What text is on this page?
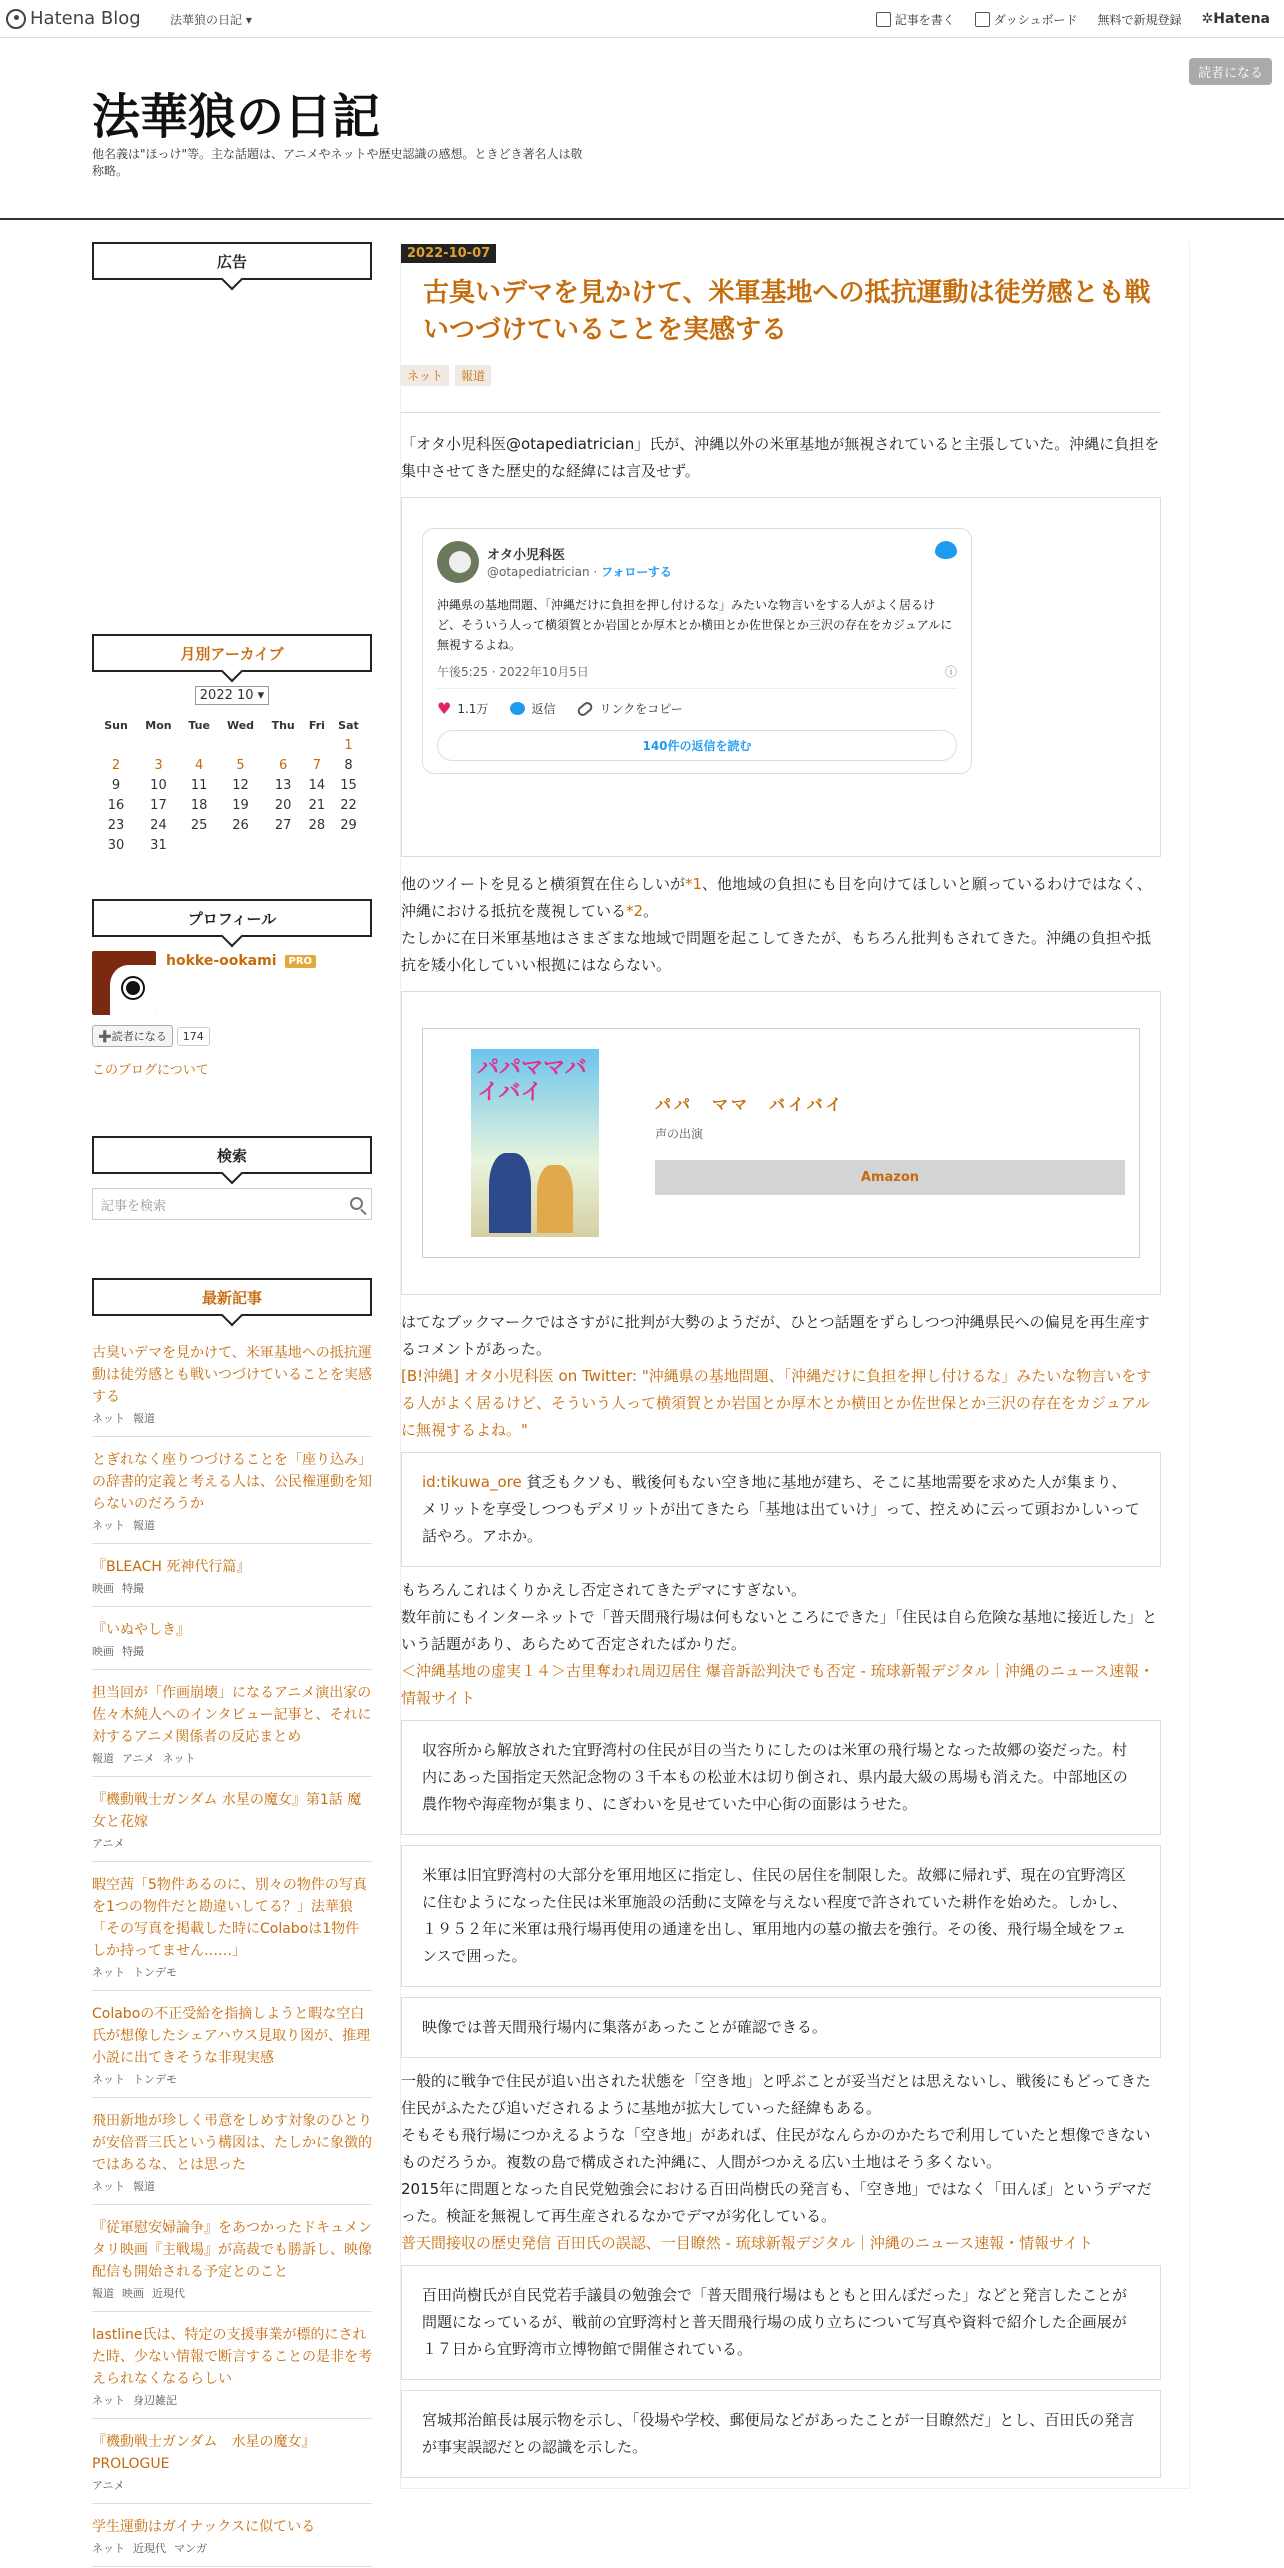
Hatena Blog 法華狼の日記 ▾	記事を書く	ダッシュボード 無料で新規登録 ✲ Hatena
法華狼の日記
他名義は"ほっけ"等。主な話題は、アニメやネットや歴史認識の感想。ときどき著名人は敬称略。
読者になる
広告
月別アーカイブ
2022 10 ▾
Sun	Mon	Tue	Wed	Thu	Fri	Sat
						1
2	3	4	5	6	7	8
9	10	11	12	13	14	15
16	17	18	19	20	21	22
23	24	25	26	27	28	29
30	31					
プロフィール
hokke-ookami PRO
➕読者になる	174
このブログについて
検索
記事を検索
最新記事
古臭いデマを見かけて、米軍基地への抵抗運動は徒労感とも戦いつづけていることを実感する
ネット 報道
とぎれなく座りつづけることを「座り込み」の辞書的定義と考える人は、公民権運動を知らないのだろうか
ネット 報道
『BLEACH 死神代行篇』
映画 特撮
『いぬやしき』
映画 特撮
担当回が「作画崩壊」になるアニメ演出家の佐々木純人へのインタビュー記事と、それに対するアニメ関係者の反応まとめ
報道 アニメ ネット
『機動戦士ガンダム 水星の魔女』第1話 魔女と花嫁
アニメ
暇空茜「5物件あるのに、別々の物件の写真を1つの物件だと勘違いしてる？」法華狼「その写真を掲載した時にColaboは1物件しか持ってません……」
ネット トンデモ
Colaboの不正受給を指摘しようと暇な空白氏が想像したシェアハウス見取り図が、推理小説に出てきそうな非現実感
ネット トンデモ
飛田新地が珍しく弔意をしめす対象のひとりが安倍晋三氏という構図は、たしかに象徴的ではあるな、とは思った
ネット 報道
『従軍慰安婦論争』をあつかったドキュメンタリ映画『主戦場』が高裁でも勝訴し、映像配信も開始される予定とのこと
報道 映画 近現代
lastline氏は、特定の支援事業が標的にされた時、少ない情報で断言することの是非を考えられなくなるらしい
ネット 身辺雑記
『機動戦士ガンダム　水星の魔女』PROLOGUE
アニメ
学生運動はガイナックスに似ている
ネット 近現代 マンガ
2022-10-07
古臭いデマを見かけて、米軍基地への抵抗運動は徒労感とも戦いつづけていることを実感する
ネット	報道
「オタ小児科医@otapediatrician」氏が、沖縄以外の米軍基地が無視されていると主張していた。沖縄に負担を集中させてきた歴史的な経緯には言及せず。
オタ小児科医
@otapediatrician · フォローする
沖縄県の基地問題、「沖縄だけに負担を押し付けるな」みたいな物言いをする人がよく居るけど、そういう人って横須賀とか岩国とか厚木とか横田とか佐世保とか三沢の存在をカジュアルに無視するよね。
午後5:25 · 2022年10月5日	ⓘ
♥ 1.1万	返信	リンクをコピー
140件の返信を読む
他のツイートを見ると横須賀在住らしいが*1、他地域の負担にも目を向けてほしいと願っているわけではなく、沖縄における抵抗を蔑視している*2。
たしかに在日米軍基地はさまざまな地域で問題を起こしてきたが、もちろん批判もされてきた。沖縄の負担や抵抗を矮小化していい根拠にはならない。
パパママバイバイ	パパ　ママ　バイバイ
声の出演
Amazon
はてなブックマークではさすがに批判が大勢のようだが、ひとつ話題をずらしつつ沖縄県民への偏見を再生産するコメントがあった。
[B!沖縄] オタ小児科医 on Twitter: "沖縄県の基地問題、「沖縄だけに負担を押し付けるな」みたいな物言いをする人がよく居るけど、そういう人って横須賀とか岩国とか厚木とか横田とか佐世保とか三沢の存在をカジュアルに無視するよね。"
id:tikuwa_ore 貧乏もクソも、戦後何もない空き地に基地が建ち、そこに基地需要を求めた人が集まり、メリットを享受しつつもデメリットが出てきたら「基地は出ていけ」って、控えめに云って頭おかしいって話やろ。アホか。
もちろんこれはくりかえし否定されてきたデマにすぎない。
数年前にもインターネットで「普天間飛行場は何もないところにできた」「住民は自ら危険な基地に接近した」という話題があり、あらためて否定されたばかりだ。
＜沖縄基地の虚実１４＞古里奪われ周辺居住 爆音訴訟判決でも否定 - 琉球新報デジタル｜沖縄のニュース速報・情報サイト
収容所から解放された宜野湾村の住民が目の当たりにしたのは米軍の飛行場となった故郷の姿だった。村内にあった国指定天然記念物の３千本もの松並木は切り倒され、県内最大級の馬場も消えた。中部地区の農作物や海産物が集まり、にぎわいを見せていた中心街の面影はうせた。
米軍は旧宜野湾村の大部分を軍用地区に指定し、住民の居住を制限した。故郷に帰れず、現在の宜野湾区に住むようになった住民は米軍施設の活動に支障を与えない程度で許されていた耕作を始めた。しかし、１９５２年に米軍は飛行場再使用の通達を出し、軍用地内の墓の撤去を強行。その後、飛行場全域をフェンスで囲った。
映像では普天間飛行場内に集落があったことが確認できる。
一般的に戦争で住民が追い出された状態を「空き地」と呼ぶことが妥当だとは思えないし、戦後にもどってきた住民がふたたび追いだされるように基地が拡大していった経緯もある。
そもそも飛行場につかえるような「空き地」があれば、住民がなんらかのかたちで利用していたと想像できないものだろうか。複数の島で構成された沖縄に、人間がつかえる広い土地はそう多くない。
2015年に問題となった自民党勉強会における百田尚樹氏の発言も、「空き地」ではなく「田んぼ」というデマだった。検証を無視して再生産されるなかでデマが劣化している。
普天間接収の歴史発信 百田氏の誤認、一目瞭然 - 琉球新報デジタル｜沖縄のニュース速報・情報サイト
百田尚樹氏が自民党若手議員の勉強会で「普天間飛行場はもともと田んぼだった」などと発言したことが問題になっているが、戦前の宜野湾村と普天間飛行場の成り立ちについて写真や資料で紹介した企画展が１７日から宜野湾市立博物館で開催されている。
宮城邦治館長は展示物を示し、「役場や学校、郵便局などがあったことが一目瞭然だ」とし、百田氏の発言が事実誤認だとの認識を示した。
